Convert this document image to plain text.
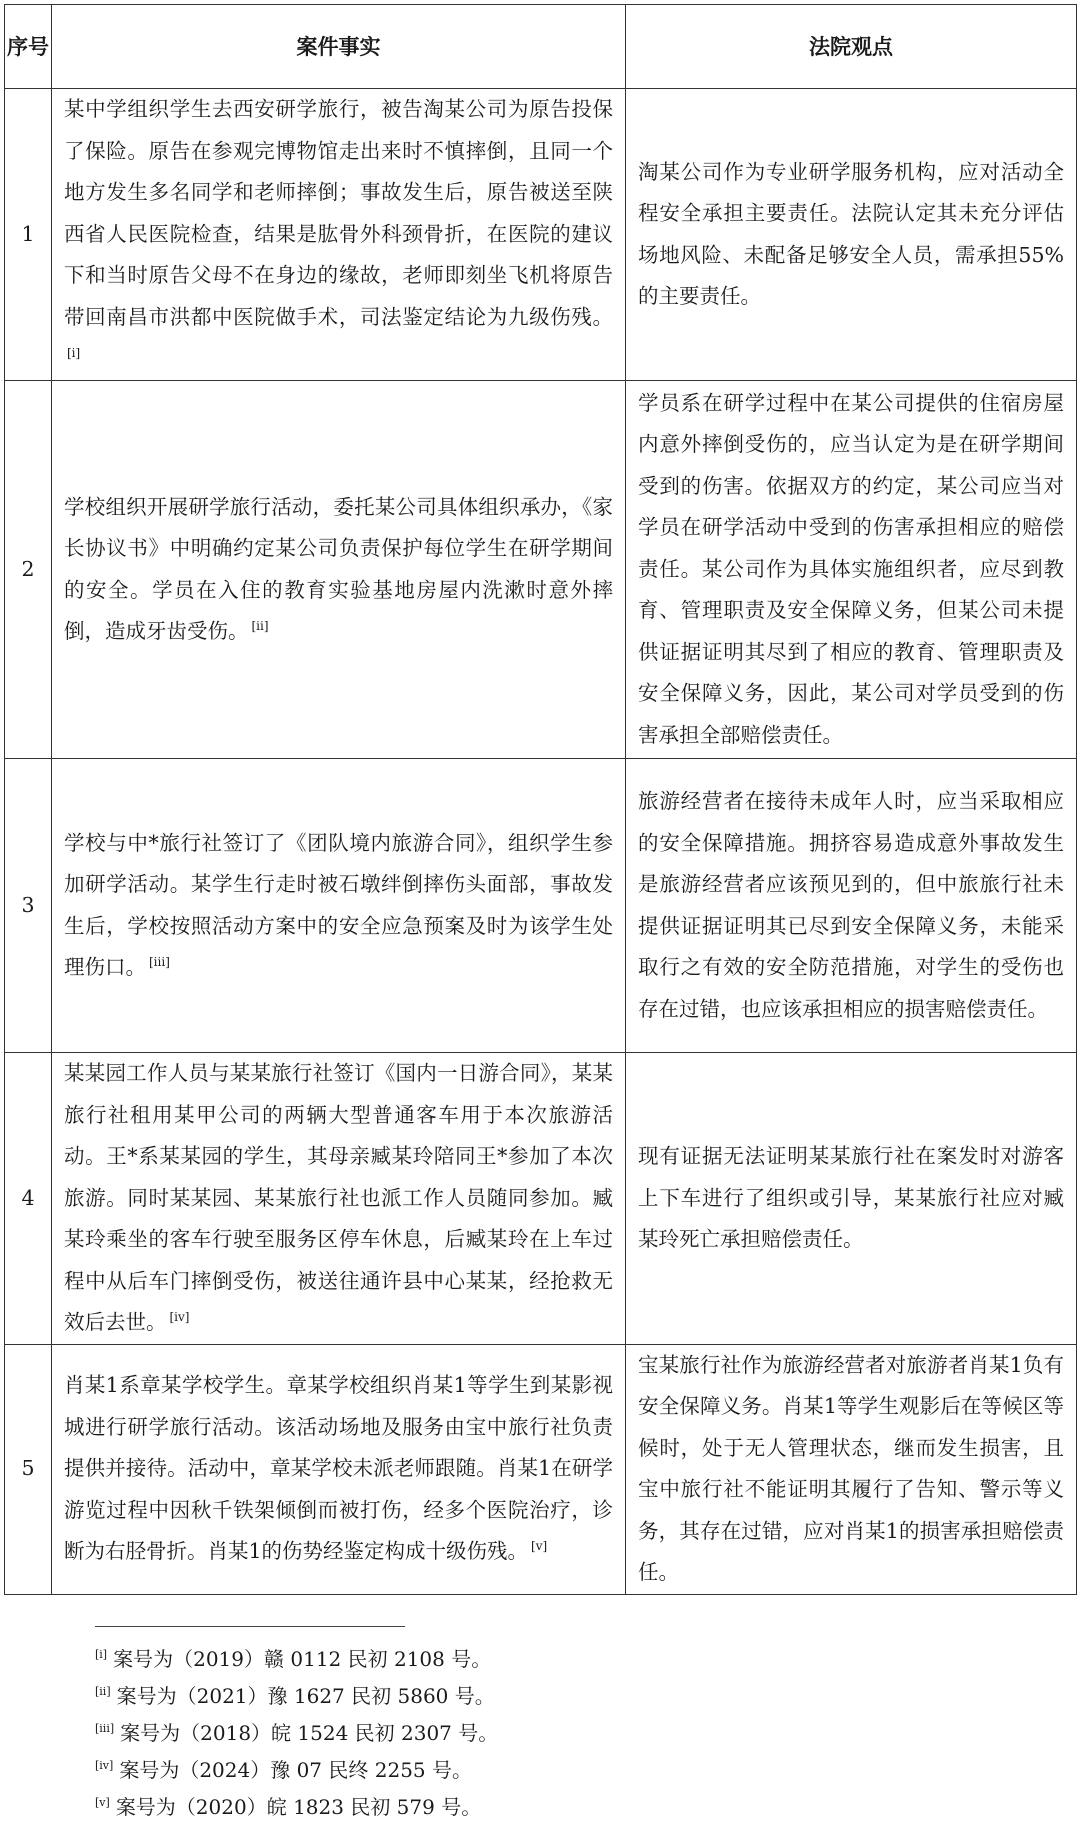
序号	案件事实	法院观点
1	某中学组织学生去西安研学旅行，被告淘某公司为原告投保了保险。原告在参观完博物馆走出来时不慎摔倒，且同一个地方发生多名同学和老师摔倒；事故发生后，原告被送至陕西省人民医院检查，结果是肱骨外科颈骨折，在医院的建议下和当时原告父母不在身边的缘故，老师即刻坐飞机将原告带回南昌市洪都中医院做手术，司法鉴定结论为九级伤残。[i]	淘某公司作为专业研学服务机构，应对活动全程安全承担主要责任。法院认定其未充分评估场地风险、未配备足够安全人员，需承担55%的主要责任。
2	学校组织开展研学旅行活动，委托某公司具体组织承办，《家长协议书》中明确约定某公司负责保护每位学生在研学期间的安全。学员在入住的教育实验基地房屋内洗漱时意外摔倒，造成牙齿受伤。 [ii]	学员系在研学过程中在某公司提供的住宿房屋内意外摔倒受伤的，应当认定为是在研学期间受到的伤害。依据双方的约定，某公司应当对学员在研学活动中受到的伤害承担相应的赔偿责任。某公司作为具体实施组织者，应尽到教育、管理职责及安全保障义务，但某公司未提供证据证明其尽到了相应的教育、管理职责及安全保障义务，因此，某公司对学员受到的伤害承担全部赔偿责任。
3	学校与中*旅行社签订了《团队境内旅游合同》，组织学生参加研学活动。某学生行走时被石墩绊倒摔伤头面部，事故发生后，学校按照活动方案中的安全应急预案及时为该学生处理伤口。 [iii]	旅游经营者在接待未成年人时，应当采取相应的安全保障措施。拥挤容易造成意外事故发生是旅游经营者应该预见到的，但中旅旅行社未提供证据证明其已尽到安全保障义务，未能采取行之有效的安全防范措施，对学生的受伤也存在过错，也应该承担相应的损害赔偿责任。
4	某某园工作人员与某某旅行社签订《国内一日游合同》，某某旅行社租用某甲公司的两辆大型普通客车用于本次旅游活动。王*系某某园的学生，其母亲臧某玲陪同王*参加了本次旅游。同时某某园、某某旅行社也派工作人员随同参加。臧某玲乘坐的客车行驶至服务区停车休息，后臧某玲在上车过程中从后车门摔倒受伤，被送往通许县中心某某，经抢救无效后去世。 [iv]	现有证据无法证明某某旅行社在案发时对游客上下车进行了组织或引导，某某旅行社应对臧某玲死亡承担赔偿责任。
5	肖某1系章某学校学生。章某学校组织肖某1等学生到某影视城进行研学旅行活动。该活动场地及服务由宝中旅行社负责提供并接待。活动中，章某学校未派老师跟随。肖某1在研学游览过程中因秋千铁架倾倒而被打伤，经多个医院治疗，诊断为右胫骨折。肖某1的伤势经鉴定构成十级伤残。 [v]	宝某旅行社作为旅游经营者对旅游者肖某1负有安全保障义务。肖某1等学生观影后在等候区等候时，处于无人管理状态，继而发生损害，且宝中旅行社不能证明其履行了告知、警示等义务，其存在过错，应对肖某1的损害承担赔偿责任。
[i] 案号为（2019）赣 0112 民初 2108 号。
[ii] 案号为（2021）豫 1627 民初 5860 号。
[iii] 案号为（2018）皖 1524 民初 2307 号。
[iv] 案号为（2024）豫 07 民终 2255 号。
[v] 案号为（2020）皖 1823 民初 579 号。
